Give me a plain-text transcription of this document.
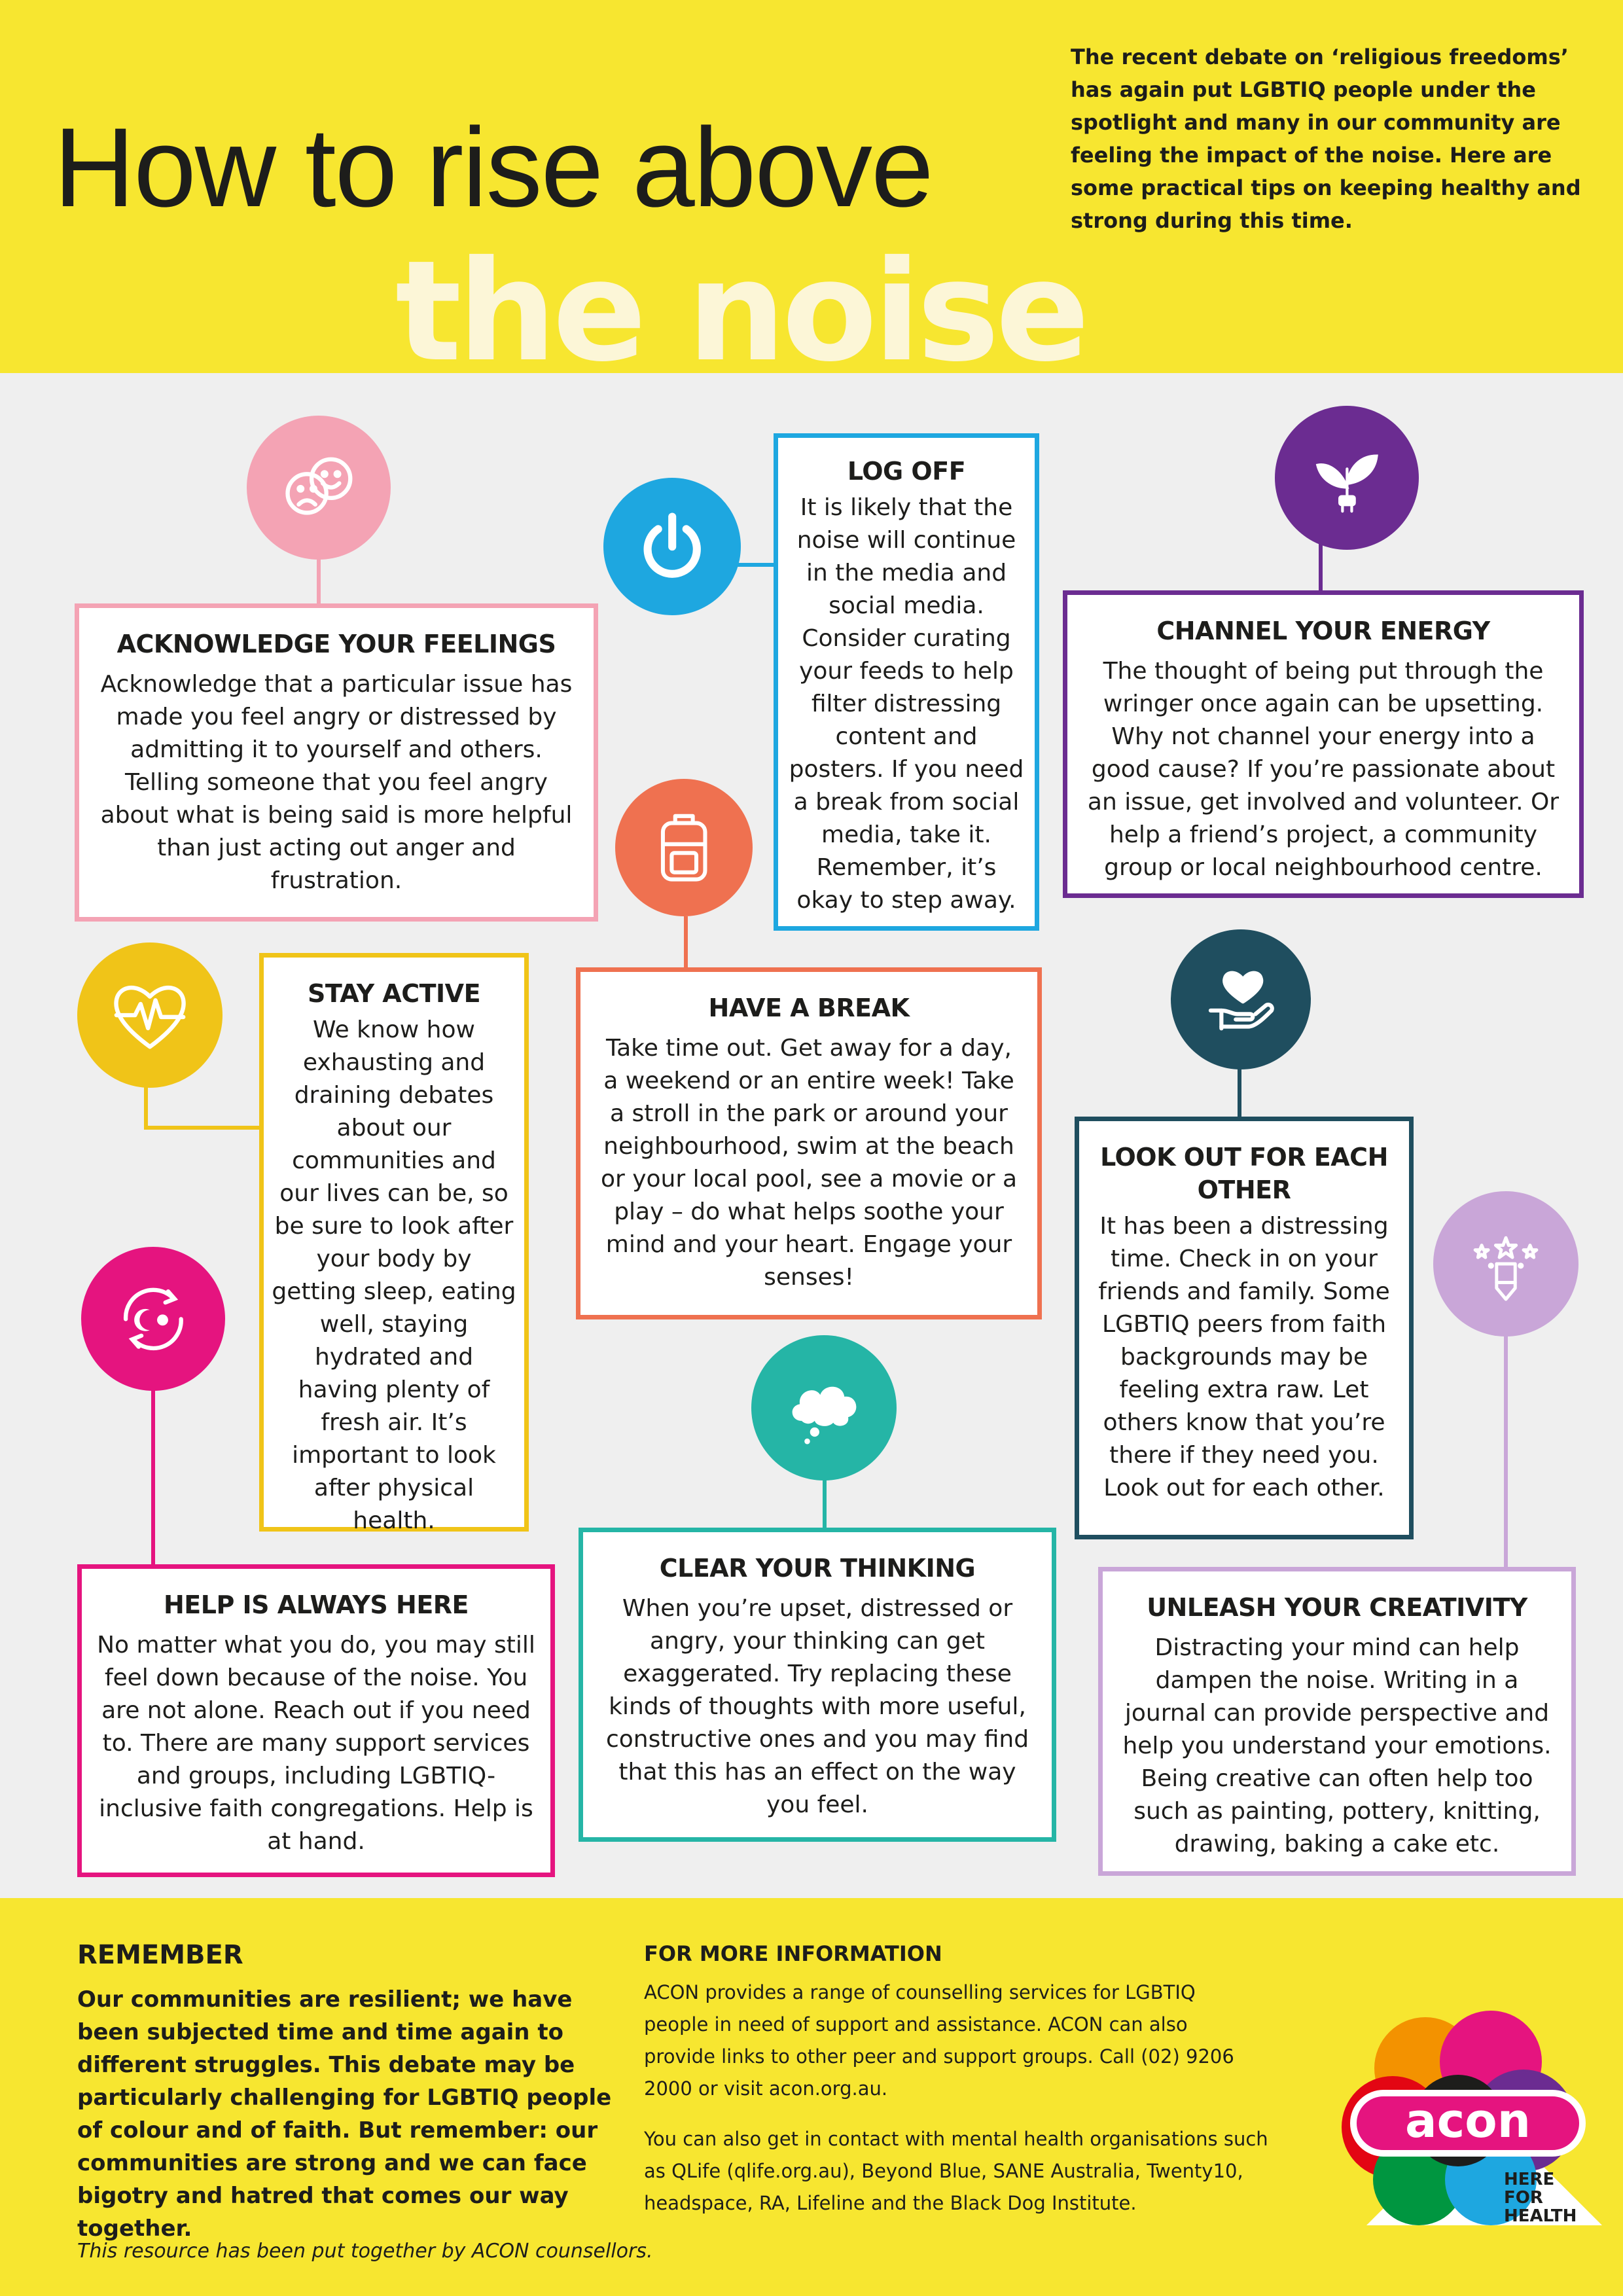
How to rise above
the noise
The recent debate on ‘religious freedoms’ has again put LGBTIQ people under the spotlight and many in our community are feeling the impact of the noise. Here are some practical tips on keeping healthy and strong during this time.
ACKNOWLEDGE YOUR FEELINGS

Acknowledge that a particular issue has made you feel angry or distressed by admitting it to yourself and others. Telling someone that you feel angry about what is being said is more helpful than just acting out anger and frustration.

LOG OFF

It is likely that the noise will continue in the media and social media. Consider curating your feeds to help filter distressing content and posters. If you need a break from social media, take it. Remember, it’s okay to step away.

CHANNEL YOUR ENERGY

The thought of being put through the wringer once again can be upsetting. Why not channel your energy into a good cause? If you’re passionate about an issue, get involved and volunteer. Or help a friend’s project, a community group or local neighbourhood centre.

STAY ACTIVE

We know how exhausting and draining debates about our communities and our lives can be, so be sure to look after your body by getting sleep, eating well, staying hydrated and having plenty of fresh air. It’s important to look after physical health.

HAVE A BREAK

Take time out. Get away for a day, a weekend or an entire week! Take a stroll in the park or around your neighbourhood, swim at the beach or your local pool, see a movie or a play – do what helps soothe your mind and your heart. Engage your senses!

LOOK OUT FOR EACH OTHER

It has been a distressing time. Check in on your friends and family. Some LGBTIQ peers from faith backgrounds may be feeling extra raw. Let others know that you’re there if they need you. Look out for each other.

HELP IS ALWAYS HERE

No matter what you do, you may still feel down because of the noise. You are not alone. Reach out if you need to. There are many support services and groups, including LGBTIQ-inclusive faith congregations. Help is at hand.

CLEAR YOUR THINKING

When you’re upset, distressed or angry, your thinking can get exaggerated. Try replacing these kinds of thoughts with more useful, constructive ones and you may find that this has an effect on the way you feel.

UNLEASH YOUR CREATIVITY

Distracting your mind can help dampen the noise. Writing in a journal can provide perspective and help you understand your emotions. Being creative can often help too such as painting, pottery, knitting, drawing, baking a cake etc.

REMEMBER
Our communities are resilient; we have been subjected time and time again to different struggles. This debate may be particularly challenging for LGBTIQ people of colour and of faith. But remember: our communities are strong and we can face bigotry and hatred that comes our way together.
This resource has been put together by ACON counsellors.
FOR MORE INFORMATION
ACON provides a range of counselling services for LGBTIQ people in need of support and assistance. ACON can also provide links to other peer and support groups. Call (02) 9206 2000 or visit acon.org.au.
You can also get in contact with mental health organisations such as QLife (qlife.org.au), Beyond Blue, SANE Australia, Twenty10, headspace, RA, Lifeline and the Black Dog Institute.
acon
HERE
FOR
HEALTH
